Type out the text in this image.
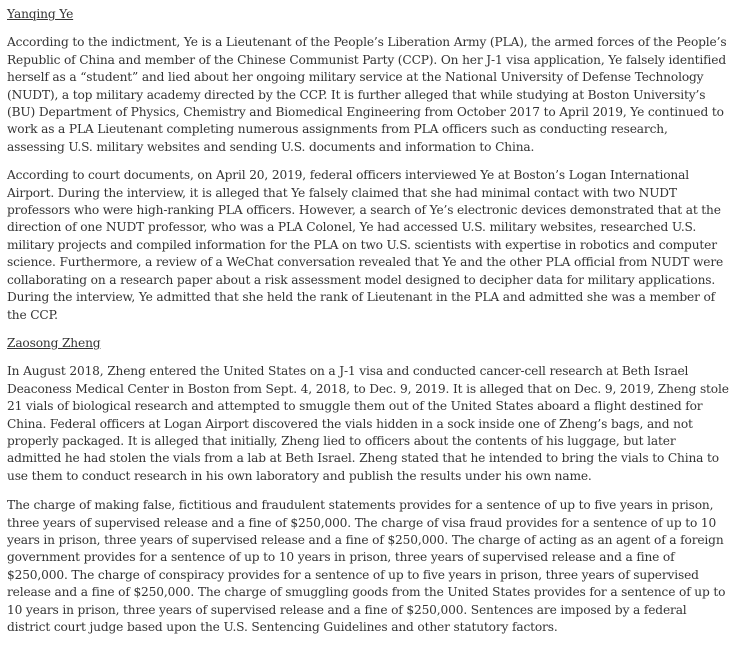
Yanqing Ye

According to the indictment, Ye is a Lieutenant of the People’s Liberation Army (PLA), the armed forces of the People’s Republic of China and member of the Chinese Communist Party (CCP). On her J-1 visa application, Ye falsely identified herself as a “student” and lied about her ongoing military service at the National University of Defense Technology (NUDT), a top military academy directed by the CCP. It is further alleged that while studying at Boston University’s (BU) Department of Physics, Chemistry and Biomedical Engineering from October 2017 to April 2019, Ye continued to work as a PLA Lieutenant completing numerous assignments from PLA officers such as conducting research, assessing U.S. military websites and sending U.S. documents and information to China.

According to court documents, on April 20, 2019, federal officers interviewed Ye at Boston’s Logan International Airport. During the interview, it is alleged that Ye falsely claimed that she had minimal contact with two NUDT professors who were high-ranking PLA officers. However, a search of Ye’s electronic devices demonstrated that at the direction of one NUDT professor, who was a PLA Colonel, Ye had accessed U.S. military websites, researched U.S. military projects and compiled information for the PLA on two U.S. scientists with expertise in robotics and computer science. Furthermore, a review of a WeChat conversation revealed that Ye and the other PLA official from NUDT were collaborating on a research paper about a risk assessment model designed to decipher data for military applications. During the interview, Ye admitted that she held the rank of Lieutenant in the PLA and admitted she was a member of the CCP.

Zaosong Zheng

In August 2018, Zheng entered the United States on a J-1 visa and conducted cancer-cell research at Beth Israel Deaconess Medical Center in Boston from Sept. 4, 2018, to Dec. 9, 2019. It is alleged that on Dec. 9, 2019, Zheng stole 21 vials of biological research and attempted to smuggle them out of the United States aboard a flight destined for China. Federal officers at Logan Airport discovered the vials hidden in a sock inside one of Zheng’s bags, and not properly packaged. It is alleged that initially, Zheng lied to officers about the contents of his luggage, but later admitted he had stolen the vials from a lab at Beth Israel. Zheng stated that he intended to bring the vials to China to use them to conduct research in his own laboratory and publish the results under his own name.

The charge of making false, fictitious and fraudulent statements provides for a sentence of up to five years in prison, three years of supervised release and a fine of $250,000. The charge of visa fraud provides for a sentence of up to 10 years in prison, three years of supervised release and a fine of $250,000. The charge of acting as an agent of a foreign government provides for a sentence of up to 10 years in prison, three years of supervised release and a fine of $250,000. The charge of conspiracy provides for a sentence of up to five years in prison, three years of supervised release and a fine of $250,000. The charge of smuggling goods from the United States provides for a sentence of up to 10 years in prison, three years of supervised release and a fine of $250,000. Sentences are imposed by a federal district court judge based upon the U.S. Sentencing Guidelines and other statutory factors.
